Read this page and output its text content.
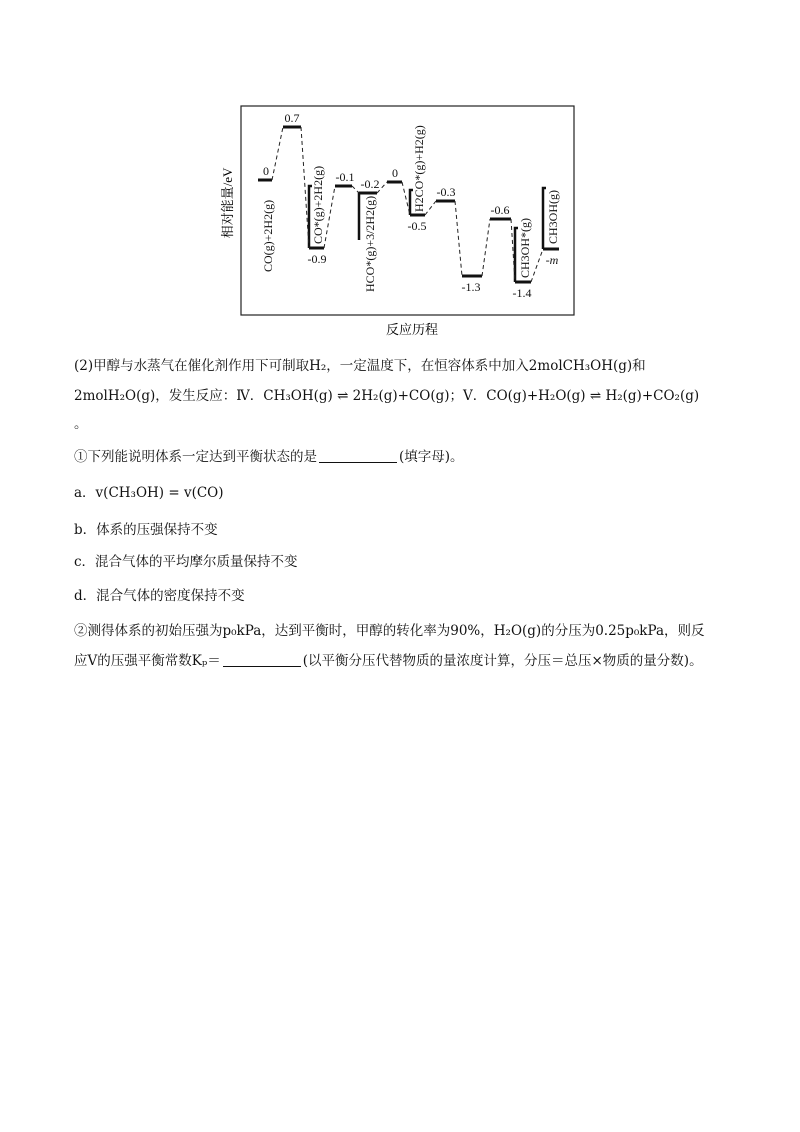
相对能量/eV
反应历程
0
0.7
-0.9
-0.1 -0.2
0
-0.5
-0.3
-1.3
-0.6
-1.4
-m
CO(g)+2H2(g)	CO*(g)+2H2(g)	HCO*(g)+3/2H2(g)
H2CO*(g)+H2(g)
CH3OH*(g)
CH3OH(g)
(2)甲醇与水蒸气在催化剂作用下可制取H₂，一定温度下，在恒容体系中加入2molCH₃OH(g)和
2molH₂O(g)，发生反应：Ⅳ．CH₃OH(g) ⇌ 2H₂(g)+CO(g)；Ⅴ．CO(g)+H₂O(g) ⇌ H₂(g)+CO₂(g)
。
①下列能说明体系一定达到平衡状态的是	(填字母)。
a．v(CH₃OH) = v(CO)
b．体系的压强保持不变
c．混合气体的平均摩尔质量保持不变
d．混合气体的密度保持不变
②测得体系的初始压强为p₀kPa，达到平衡时，甲醇的转化率为90%，H₂O(g)的分压为0.25p₀kPa，则反
应Ⅴ的压强平衡常数Kₚ＝	(以平衡分压代替物质的量浓度计算，分压＝总压×物质的量分数)。
